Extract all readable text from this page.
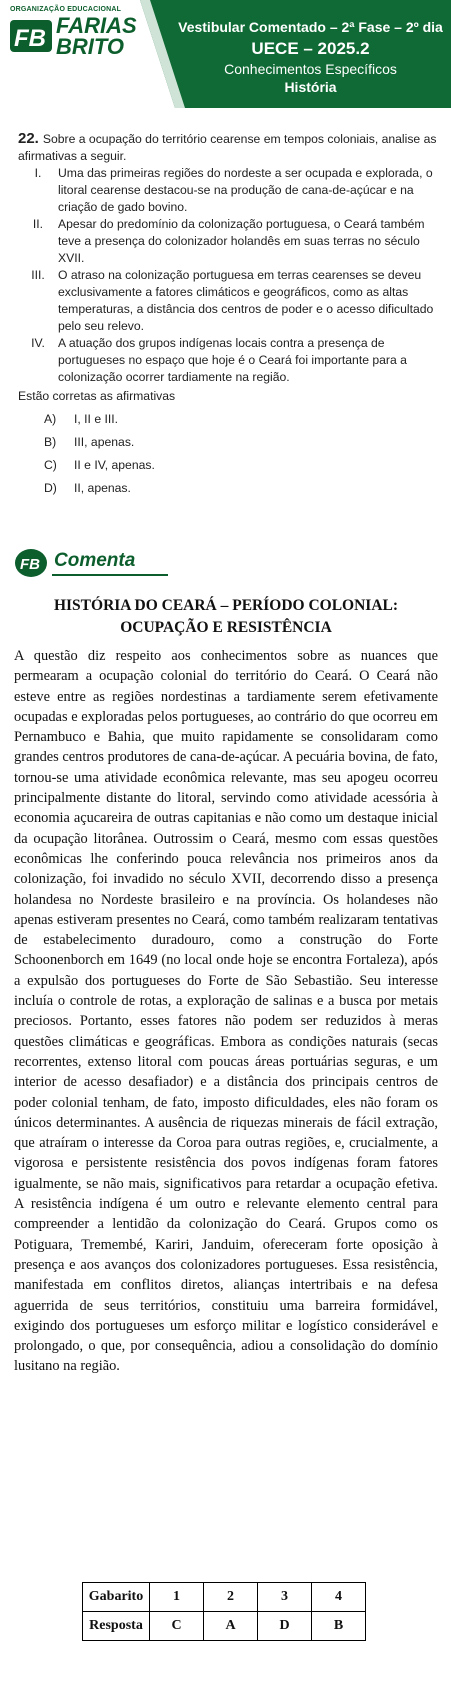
ORGANIZAÇÃO EDUCACIONAL
FB FARIAS
BRITO
Vestibular Comentado – 2ª Fase – 2º dia
UECE – 2025.2
Conhecimentos Específicos
História
22. Sobre a ocupação do território cearense em tempos coloniais, analise as afirmativas a seguir.
I.	Uma das primeiras regiões do nordeste a ser ocupada e explorada, o litoral cearense destacou-se na produção de cana-de-açúcar e na criação de gado bovino.
II.	Apesar do predomínio da colonização portuguesa, o Ceará também teve a presença do colonizador holandês em suas terras no século XVII.
III.	O atraso na colonização portuguesa em terras cearenses se deveu exclusivamente a fatores climáticos e geográficos, como as altas temperaturas, a distância dos centros de poder e o acesso dificultado pelo seu relevo.
IV.	A atuação dos grupos indígenas locais contra a presença de portugueses no espaço que hoje é o Ceará foi importante para a colonização ocorrer tardiamente na região.
Estão corretas as afirmativas
A)	I, II e III.
B)	III, apenas.
C)	II e IV, apenas.
D)	II, apenas.
FB Comenta
HISTÓRIA DO CEARÁ – PERÍODO COLONIAL:
OCUPAÇÃO E RESISTÊNCIA
A questão diz respeito aos conhecimentos sobre as nuances que permearam a ocupação colonial do território do Ceará. O Ceará não esteve entre as regiões nordestinas a tardiamente serem efetivamente ocupadas e exploradas pelos portugueses, ao contrário do que ocorreu em Pernambuco e Bahia, que muito rapidamente se consolidaram como grandes centros produtores de cana-de-açúcar. A pecuária bovina, de fato, tornou-se uma atividade econômica relevante, mas seu apogeu ocorreu principalmente distante do litoral, servindo como atividade acessória à economia açucareira de outras capitanias e não como um destaque inicial da ocupação litorânea. Outrossim o Ceará, mesmo com essas questões econômicas lhe conferindo pouca relevância nos primeiros anos da colonização, foi invadido no século XVII, decorrendo disso a presença holandesa no Nordeste brasileiro e na província. Os holandeses não apenas estiveram presentes no Ceará, como também realizaram tentativas de estabelecimento duradouro, como a construção do Forte Schoonenborch em 1649 (no local onde hoje se encontra Fortaleza), após a expulsão dos portugueses do Forte de São Sebastião. Seu interesse incluía o controle de rotas, a exploração de salinas e a busca por metais preciosos. Portanto, esses fatores não podem ser reduzidos à meras questões climáticas e geográficas. Embora as condições naturais (secas recorrentes, extenso litoral com poucas áreas portuárias seguras, e um interior de acesso desafiador) e a distância dos principais centros de poder colonial tenham, de fato, imposto dificuldades, eles não foram os únicos determinantes. A ausência de riquezas minerais de fácil extração, que atraíram o interesse da Coroa para outras regiões, e, crucialmente, a vigorosa e persistente resistência dos povos indígenas foram fatores igualmente, se não mais, significativos para retardar a ocupação efetiva. A resistência indígena é um outro e relevante elemento central para compreender a lentidão da colonização do Ceará. Grupos como os Potiguara, Tremembé, Kariri, Janduim, ofereceram forte oposição à presença e aos avanços dos colonizadores portugueses. Essa resistência, manifestada em conflitos diretos, alianças intertribais e na defesa aguerrida de seus territórios, constituiu uma barreira formidável, exigindo dos portugueses um esforço militar e logístico considerável e prolongado, o que, por consequência, adiou a consolidação do domínio lusitano na região.
Gabarito	1	2	3	4
Resposta	C	A	D	B
